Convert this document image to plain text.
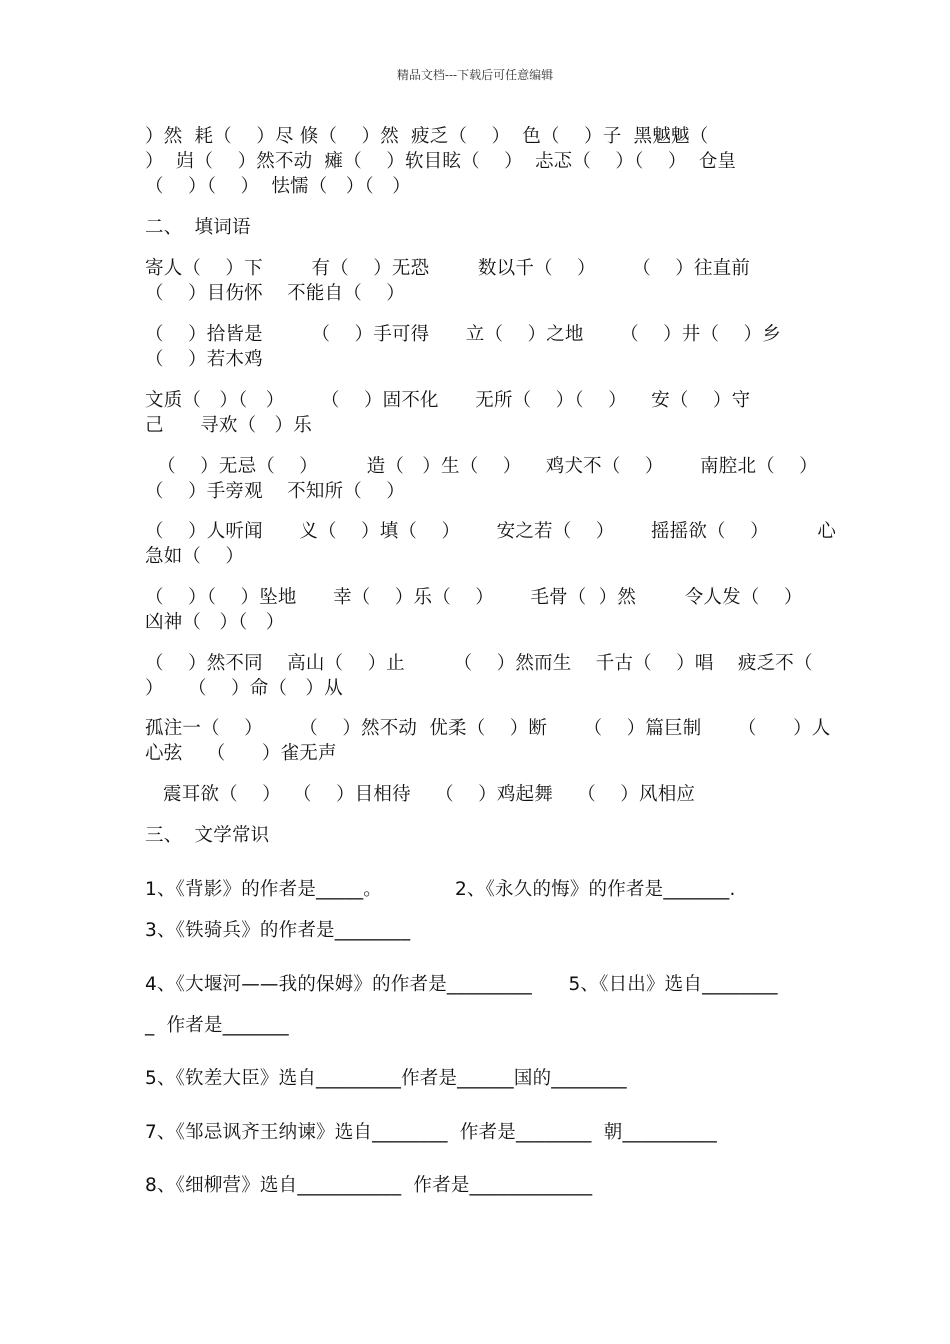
精品文档---下载后可任意编辑
）然  耗（    ）尽 倏（    ）然  疲乏（    ）  色（    ）子  黑魆魆（
）  岿（    ）然不动  瘫（    ）软目眩（    ）  忐忑（    ）（    ）  仓皇
（    ）（    ）  怯懦（   ）（   ）
二、  填词语
寄人（    ）下        有（    ）无恐        数以千（    ）      （    ）往直前
（    ）目伤怀    不能自（    ）
（    ）拾皆是        （    ）手可得      立（    ）之地      （    ）井（    ）乡
（    ）若木鸡
文质（   ）（   ）      （    ）固不化      无所（    ）（    ）    安（    ）守
己      寻欢（   ）乐
（    ）无忌（    ）        造（   ）生（    ）    鸡犬不（    ）      南腔北（    ）
（    ）手旁观    不知所（    ）
（    ）人听闻      义（    ）填（    ）      安之若（    ）      摇摇欲（    ）        心
急如（    ）
（    ）（    ）坠地      幸（    ）乐（    ）      毛骨（  ）然        令人发（    ）
凶神（   ）（   ）
（    ）然不同    高山（    ）止        （    ）然而生    千古（    ）唱    疲乏不（
）    （    ）命（   ）从
孤注一（    ）      （    ）然不动  优柔（    ）断      （    ）篇巨制      （      ）人
心弦    （      ）雀无声
震耳欲（    ）  （    ）目相待    （    ）鸡起舞    （    ）风相应
三、  文学常识
1、《背影》的作者是_____。            2、《永久的悔》的作者是_______.
3、《铁骑兵》的作者是________
4、《大堰河——我的保姆》的作者是_________      5、《日出》选自________
_  作者是_______
5、《钦差大臣》选自_________作者是______国的________
7、《邹忌讽齐王纳谏》选自________  作者是________  朝__________
8、《细柳营》选自___________  作者是_____________
